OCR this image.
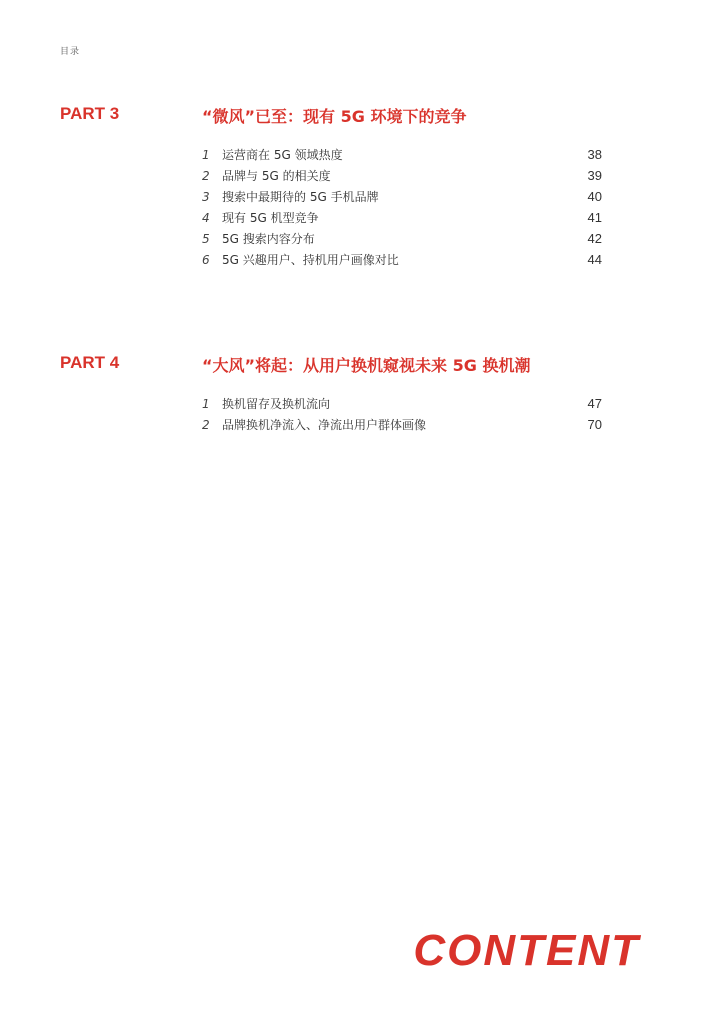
目录
PART 3	“微风”已至：现有 5G 环境下的竞争
1	运营商在 5G 领域热度	38
2	品牌与 5G 的相关度	39
3	搜索中最期待的 5G 手机品牌	40
4	现有 5G 机型竞争	41
5	5G 搜索内容分布	42
6	5G 兴趣用户、持机用户画像对比	44
PART 4	“大风”将起：从用户换机窥视未来 5G 换机潮
1	换机留存及换机流向	47
2	品牌换机净流入、净流出用户群体画像	70
CONTENT
